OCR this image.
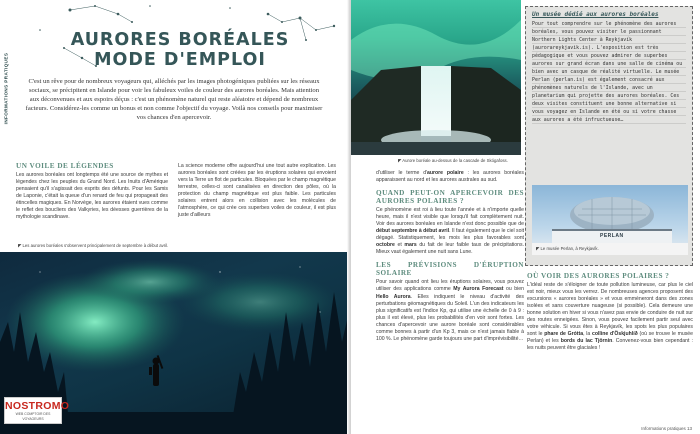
INFORMATIONS PRATIQUES
AURORES BORÉALES
MODE D'EMPLOI
C'est un rêve pour de nombreux voyageurs qui, alléchés par les images photogéniques publiées sur les réseaux sociaux, se précipitent en Islande pour voir les fabuleux voiles de couleur des aurores boréales. Mais attention aux déconvenues et aux espoirs déçus : c'est un phénomène naturel qui reste aléatoire et dépend de nombreux facteurs. Considérez-les comme un bonus et non comme l'objectif du voyage. Voilà nos conseils pour maximiser vos chances d'en apercevoir.
UN VOILE DE LÉGENDES
Les aurores boréales ont longtemps été une source de mythes et légendes chez les peuples du Grand Nord. Les Inuits d'Amérique pensaient qu'il s'agissait des esprits des défunts. Pour les Samis de Laponie, c'était la queue d'un renard de feu qui propageait des étincelles magiques. En Norvège, les aurores étaient vues comme le reflet des boucliers des Valkyries, les déesses guerrières de la mythologie scandinave.
La science moderne offre aujourd'hui une tout autre explication. Les aurores boréales sont créées par les éruptions solaires qui envoient vers la Terre un flot de particules. Bloquées par le champ magnétique terrestre, celles-ci sont canalisées en direction des pôles, où la protection du champ magnétique est plus faible. Les particules solaires entrent alors en collision avec les molécules de l'atmosphère, ce qui crée ces superbes voiles de couleur, il est plus juste d'ailleurs
◤ Les aurores boréales s'observent principalement de septembre à début avril.
NOSTROMO
WEB COMPTOIR DES VOYAGEURS
◤ Aurore boréale au-dessus de la cascade de Skógafoss.
d'utiliser le terme d'aurore polaire : les aurores boréales apparaissent au nord et les aurores australes au sud.
QUAND PEUT-ON APERCEVOIR DES AURORES POLAIRES ?
Ce phénomène est roi à lieu toute l'année et à n'importe quelle heure, mais il n'est visible que lorsqu'il fait complètement nuit. Voir des aurores boréales en Islande n'est donc possible que de début septembre à début avril. Il faut également que le ciel soit dégagé. Statistiquement, les mois les plus favorables sont octobre et mars du fait de leur faible taux de précipitations. Mieux vaut également une nuit sans Lune.
LES PRÉVISIONS D'ÉRUPTION SOLAIRE
Pour savoir quand ont lieu les éruptions solaires, vous pouvez utiliser des applications comme My Aurora Forecast ou bien Hello Aurora. Elles indiquent le niveau d'activité des perturbations géomagnétiques du Soleil. L'un des indicateurs les plus significatifs est l'indice Kp, qui utilise une échelle de 0 à 9 : plus il est élevé, plus les probabilités d'en voir sont fortes. Les chances d'apercevoir une aurore boréale sont considérables comme bonnes à partir d'un Kp 3, mais ce n'est jamais fiable à 100 %. Le phénomène garde toujours une part d'imprévisibilité…
Un musée dédié aux aurores boréales
Pour tout comprendre sur le phénomène des aurores boréales, vous pouvez visiter le passionnant Northern Lights Center à Reykjavík (aurorareykjavik.is). L'exposition est très pédagogique et vous pouvez admirer de superbes aurores sur grand écran dans une salle de cinéma ou bien avec un casque de réalité virtuelle. Le musée Perlan (perlan.is) est également consacré aux phénomènes naturels de l'Islande, avec un planetarium qui projette des aurores boréales. Ces deux visites constituent une bonne alternative si vous voyagez en Islande en été ou si votre chasse aux aurores a été infructueuse…
PERLAN
◤ Le musée Perlan, à Reykjavík.
OÙ VOIR DES AURORES POLAIRES ?
L'idéal reste de s'éloigner de toute pollution lumineuse, car plus le ciel est noir, mieux vous les verrez. De nombreuses agences proposent des excursions « aurores boréales » et vous emmèneront dans des zones isolées et sans couverture nuageuse (si possible). Cela demeure une bonne solution en hiver si vous n'avez pas envie de conduire de nuit sur des routes enneigées. Sinon, vous pouvez facilement partir seul avec votre véhicule. Si vous êtes à Reykjavík, les spots les plus populaires sont le phare de Grótta, la colline d'Öskjuhlíð (où se trouve le musée Perlan) et les bords du lac Tjörnin. Convenez-vous bien cependant : les nuits peuvent être glaciales !
Informations pratiques 13
